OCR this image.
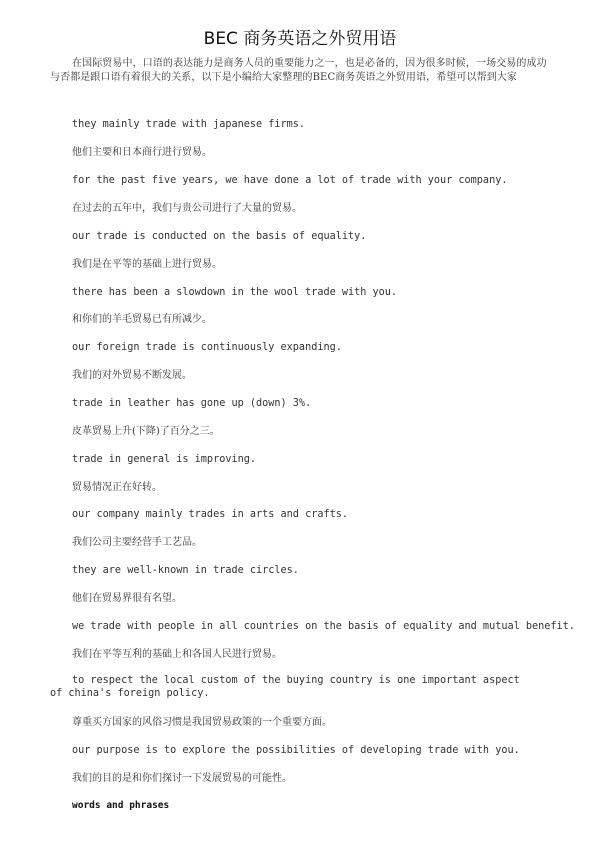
BEC 商务英语之外贸用语
在国际贸易中，口语的表达能力是商务人员的重要能力之一，也是必备的，因为很多时候，一场交易的成功与否都是跟口语有着很大的关系，以下是小编给大家整理的BEC商务英语之外贸用语，希望可以帮到大家
they mainly trade with japanese firms.
他们主要和日本商行进行贸易。
for the past five years, we have done a lot of trade with your company.
在过去的五年中，我们与贵公司进行了大量的贸易。
our trade is conducted on the basis of equality.
我们是在平等的基础上进行贸易。
there has been a slowdown in the wool trade with you.
和你们的羊毛贸易已有所减少。
our foreign trade is continuously expanding.
我们的对外贸易不断发展。
trade in leather has gone up (down) 3%.
皮革贸易上升(下降)了百分之三。
trade in general is improving.
贸易情况正在好转。
our company mainly trades in arts and crafts.
我们公司主要经营手工艺品。
they are well-known in trade circles.
他们在贸易界很有名望。
we trade with people in all countries on the basis of equality and mutual benefit.
我们在平等互利的基础上和各国人民进行贸易。
to respect the local custom of the buying country is one important aspect of china's foreign policy.
尊重买方国家的风俗习惯是我国贸易政策的一个重要方面。
our purpose is to explore the possibilities of developing trade with you.
我们的目的是和你们探讨一下发展贸易的可能性。
words and phrases
